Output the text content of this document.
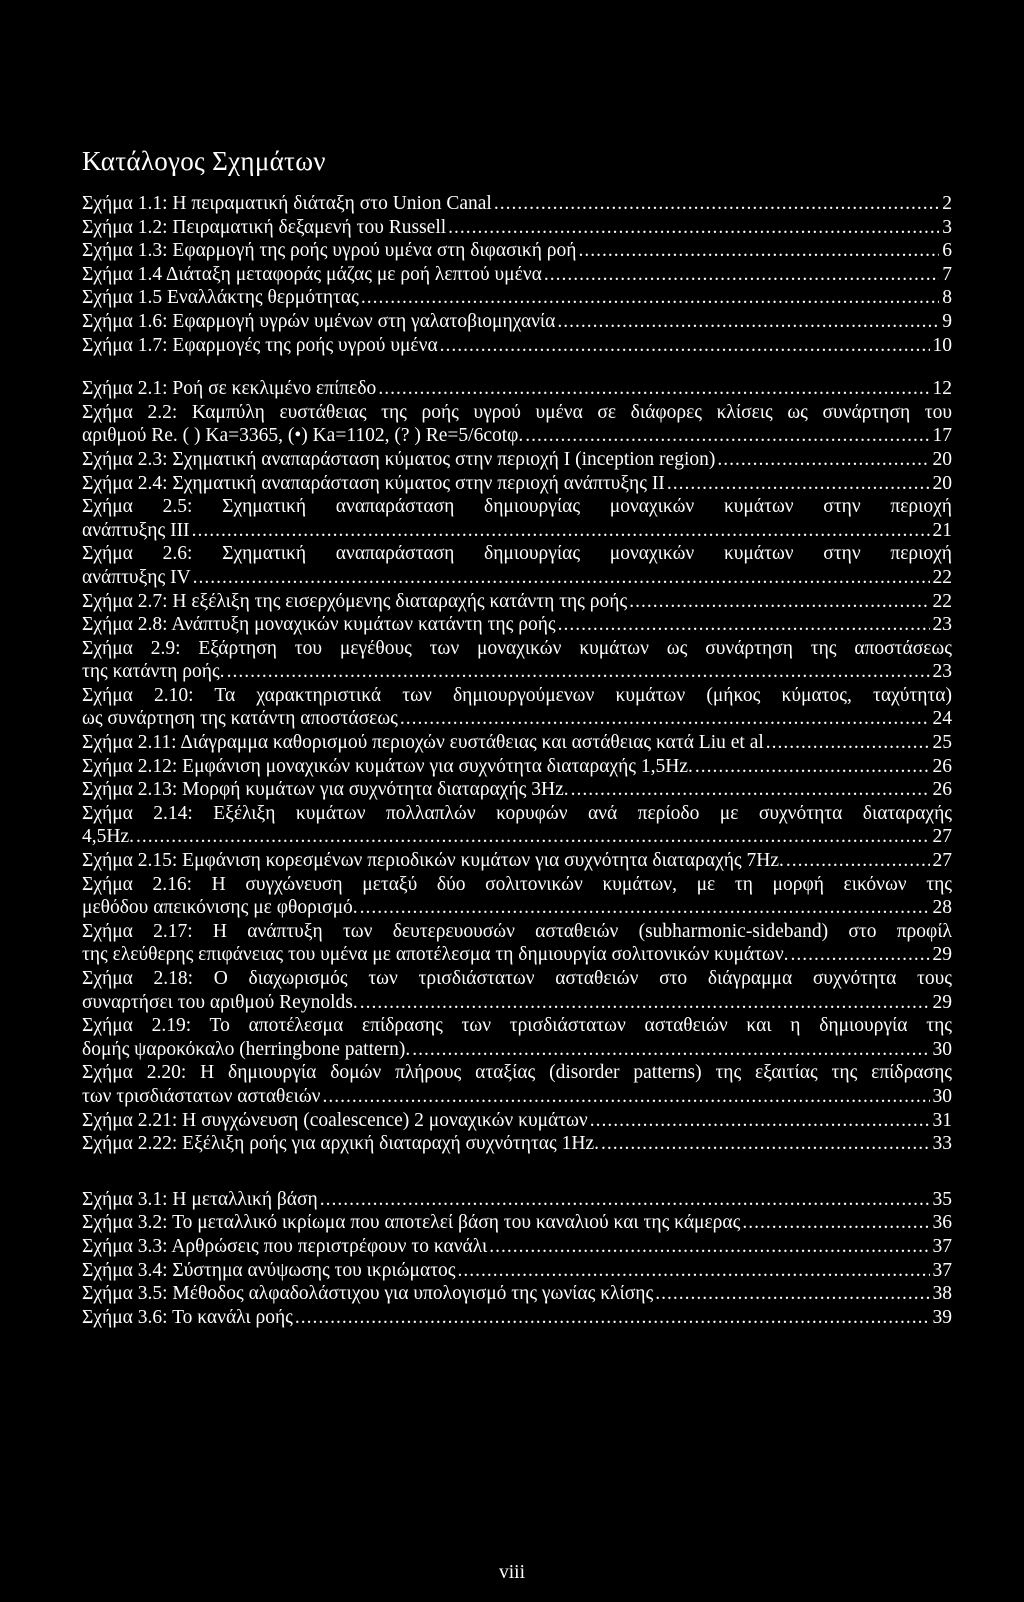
Κατάλογος Σχημάτων
Σχήμα 1.1: Η πειραματική διάταξη στο Union Canal .....	2
Σχήμα 1.2: Πειραματική δεξαμενή του Russell .....	3
Σχήμα 1.3: Εφαρμογή της ροής υγρού υμένα στη διφασική ροή .....	6
Σχήμα 1.4 Διάταξη μεταφοράς μάζας με ροή λεπτού υμένα .....	7
Σχήμα 1.5 Εναλλάκτης θερμότητας .....	8
Σχήμα 1.6: Εφαρμογή υγρών υμένων στη γαλατοβιομηχανία .....	9
Σχήμα 1.7: Εφαρμογές της ροής υγρού υμένα .....	10
Σχήμα 2.1: Ροή σε κεκλιμένο επίπεδο .....	12
Σχήμα 2.2: Καμπύλη ευστάθειας της ροής υγρού υμένα σε διάφορες κλίσεις ως συνάρτηση του
αριθμού Re. ( ) Ka=3365, (•) Ka=1102, (? ) Re=5/6cotφ. .....	17
Σχήμα 2.3: Σχηματική αναπαράσταση κύματος στην περιοχή I (inception region) .....	20
Σχήμα 2.4: Σχηματική αναπαράσταση κύματος στην περιοχή ανάπτυξης II .....	20
Σχήμα 2.5: Σχηματική αναπαράσταση δημιουργίας μοναχικών κυμάτων στην περιοχή
ανάπτυξης III .....	21
Σχήμα 2.6: Σχηματική αναπαράσταση δημιουργίας μοναχικών κυμάτων στην περιοχή
ανάπτυξης IV .....	22
Σχήμα 2.7: Η εξέλιξη της εισερχόμενης διαταραχής κατάντη της ροής .....	22
Σχήμα 2.8: Ανάπτυξη μοναχικών κυμάτων κατάντη της ροής .....	23
Σχήμα 2.9: Εξάρτηση του μεγέθους των μοναχικών κυμάτων ως συνάρτηση της αποστάσεως
της κατάντη ροής. .....	23
Σχήμα 2.10: Τα χαρακτηριστικά των δημιουργούμενων κυμάτων (μήκος κύματος, ταχύτητα)
ως συνάρτηση της κατάντη αποστάσεως .....	24
Σχήμα 2.11: Διάγραμμα καθορισμού περιοχών ευστάθειας και αστάθειας κατά Liu et al .....	25
Σχήμα 2.12: Εμφάνιση μοναχικών κυμάτων για συχνότητα διαταραχής 1,5Hz. .....	26
Σχήμα 2.13: Μορφή κυμάτων για συχνότητα διαταραχής 3Hz. .....	26
Σχήμα 2.14: Εξέλιξη κυμάτων πολλαπλών κορυφών ανά περίοδο με συχνότητα διαταραχής
4,5Hz. .....	27
Σχήμα 2.15: Εμφάνιση κορεσμένων περιοδικών κυμάτων για συχνότητα διαταραχής 7Hz. .....	27
Σχήμα 2.16: Η συγχώνευση μεταξύ δύο σολιτονικών κυμάτων, με τη μορφή εικόνων της
μεθόδου απεικόνισης με φθορισμό. .....	28
Σχήμα 2.17: Η ανάπτυξη των δευτερευουσών ασταθειών (subharmonic-sideband) στο προφίλ
της ελεύθερης επιφάνειας του υμένα με αποτέλεσμα τη δημιουργία σολιτονικών κυμάτων. .....	29
Σχήμα 2.18: Ο διαχωρισμός των τρισδιάστατων ασταθειών στο διάγραμμα συχνότητα τους
συναρτήσει του αριθμού Reynolds. .....	29
Σχήμα 2.19: Το αποτέλεσμα επίδρασης των τρισδιάστατων ασταθειών και η δημιουργία της
δομής ψαροκόκαλο (herringbone pattern). .....	30
Σχήμα 2.20: Η δημιουργία δομών πλήρους αταξίας (disorder patterns) της εξαιτίας της επίδρασης
των τρισδιάστατων ασταθειών .....	30
Σχήμα 2.21: Η συγχώνευση (coalescence) 2 μοναχικών κυμάτων .....	31
Σχήμα 2.22: Εξέλιξη ροής για αρχική διαταραχή συχνότητας 1Hz. .....	33
Σχήμα 3.1: Η μεταλλική βάση .....	35
Σχήμα 3.2: Το μεταλλικό ικρίωμα που αποτελεί βάση του καναλιού και της κάμερας .....	36
Σχήμα 3.3: Αρθρώσεις που περιστρέφουν το κανάλι .....	37
Σχήμα 3.4: Σύστημα ανύψωσης του ικριώματος .....	37
Σχήμα 3.5: Μέθοδος αλφαδολάστιχου για υπολογισμό της γωνίας κλίσης .....	38
Σχήμα 3.6: Το κανάλι ροής .....	39
viii
